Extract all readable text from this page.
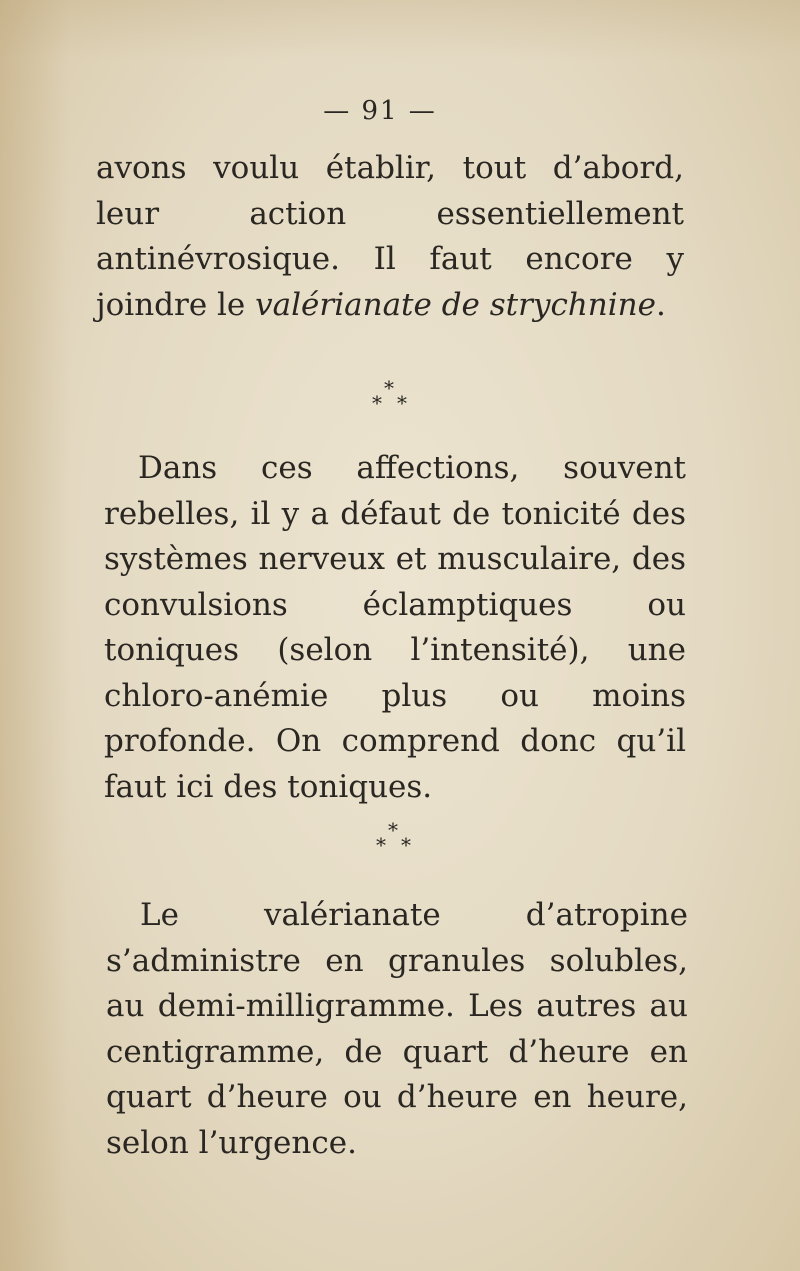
— 91 —

avons voulu établir, tout d’abord, leur action essentiellement antinévrosique. Il faut encore y joindre le valérianate de strychnine.

*
* *

Dans ces affections, souvent rebelles, il y a défaut de tonicité des systèmes nerveux et musculaire, des convulsions éclamptiques ou toniques (selon l’intensité), une chloro-anémie plus ou moins profonde. On comprend donc qu’il faut ici des toniques.

*
* *

Le valérianate d’atropine s’administre en granules solubles, au demi-milligramme. Les autres au centigramme, de quart d’heure en quart d’heure ou d’heure en heure, selon l’urgence.
